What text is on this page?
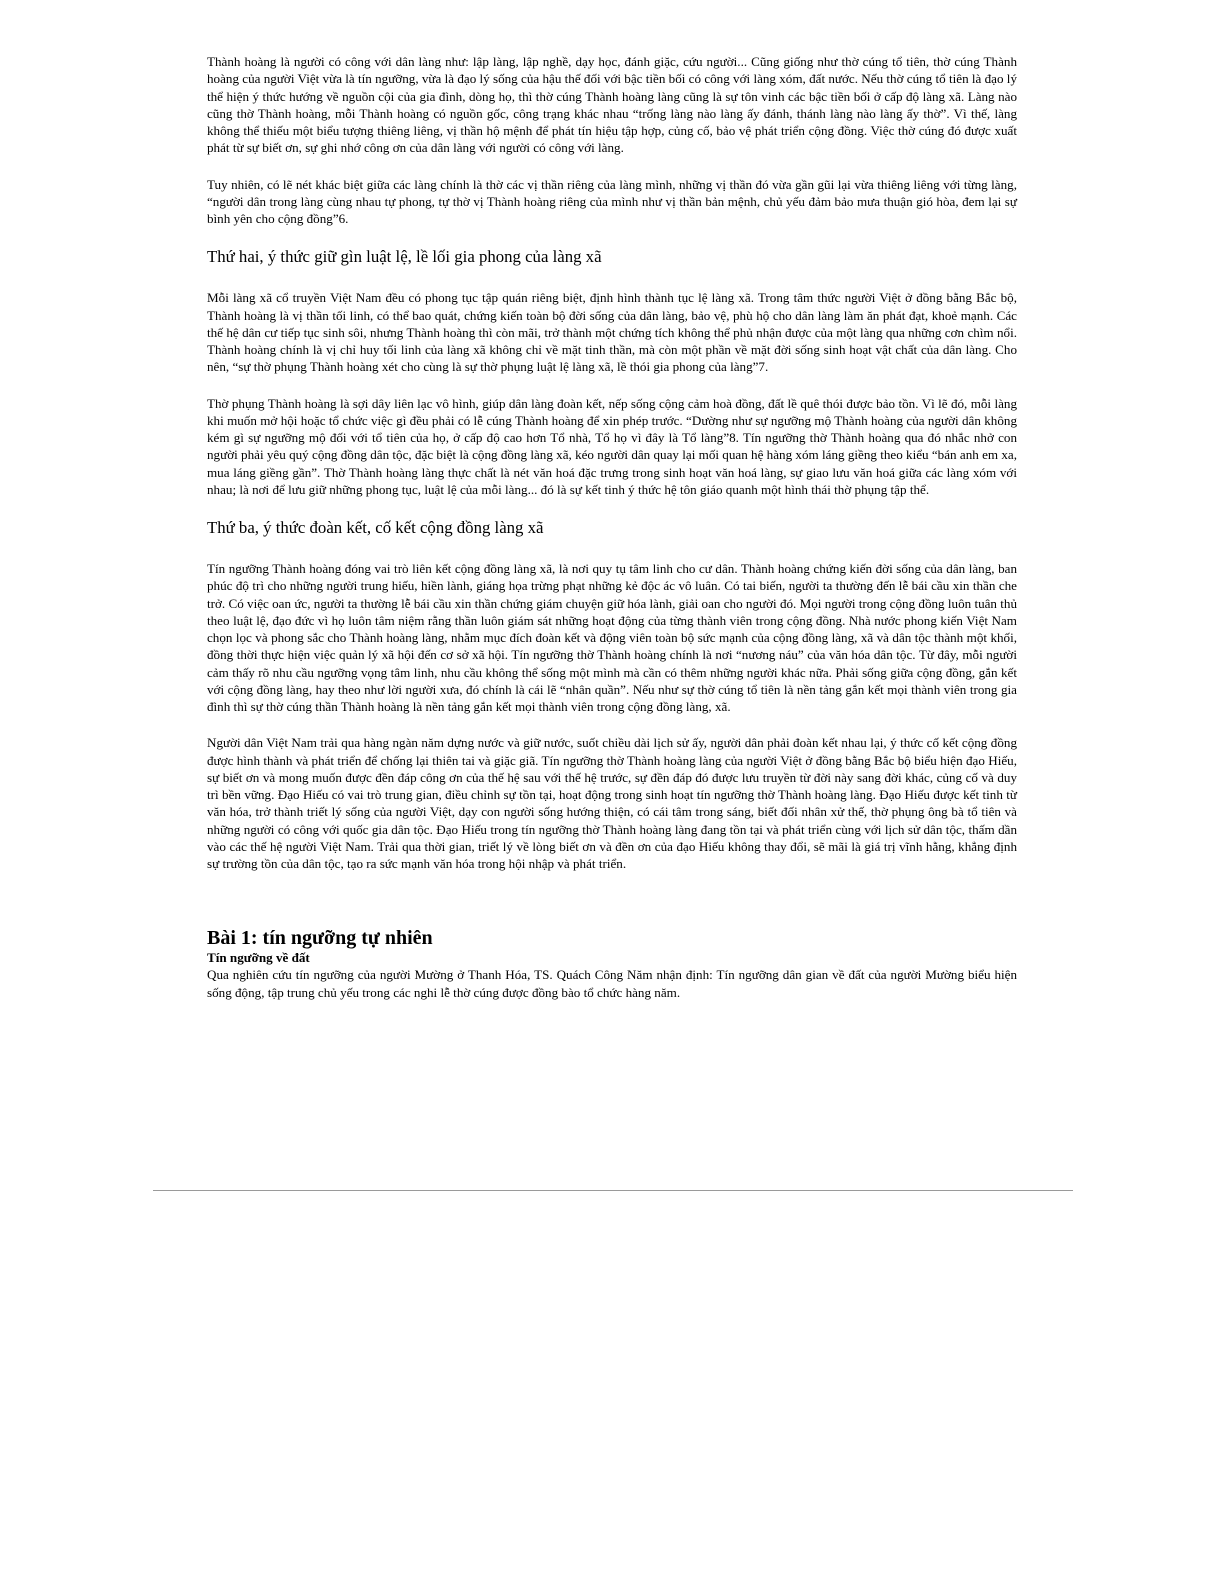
Thành hoàng là người có công với dân làng như: lập làng, lập nghề, dạy học, đánh giặc, cứu người... Cũng giống như thờ cúng tổ tiên, thờ cúng Thành hoàng của người Việt vừa là tín ngưỡng, vừa là đạo lý sống của hậu thế đối với bậc tiền bối có công với làng xóm, đất nước. Nếu thờ cúng tổ tiên là đạo lý thể hiện ý thức hướng về nguồn cội của gia đình, dòng họ, thì thờ cúng Thành hoàng làng cũng là sự tôn vinh các bậc tiền bối ở cấp độ làng xã. Làng nào cũng thờ Thành hoàng, mỗi Thành hoàng có nguồn gốc, công trạng khác nhau “trống làng nào làng ấy đánh, thánh làng nào làng ấy thờ”. Vì thế, làng không thể thiếu một biểu tượng thiêng liêng, vị thần hộ mệnh để phát tín hiệu tập hợp, củng cố, bảo vệ phát triển cộng đồng. Việc thờ cúng đó được xuất phát từ sự biết ơn, sự ghi nhớ công ơn của dân làng với người có công với làng.

Tuy nhiên, có lẽ nét khác biệt giữa các làng chính là thờ các vị thần riêng của làng mình, những vị thần đó vừa gần gũi lại vừa thiêng liêng với từng làng, “người dân trong làng cùng nhau tự phong, tự thờ vị Thành hoàng riêng của mình như vị thần bản mệnh, chủ yếu đảm bảo mưa thuận gió hòa, đem lại sự bình yên cho cộng đồng”6.

Thứ hai, ý thức giữ gìn luật lệ, lề lối gia phong của làng xã

Mỗi làng xã cổ truyền Việt Nam đều có phong tục tập quán riêng biệt, định hình thành tục lệ làng xã. Trong tâm thức người Việt ở đồng bằng Bắc bộ, Thành hoàng là vị thần tối linh, có thể bao quát, chứng kiến toàn bộ đời sống của dân làng, bảo vệ, phù hộ cho dân làng làm ăn phát đạt, khoẻ mạnh. Các thế hệ dân cư tiếp tục sinh sôi, nhưng Thành hoàng thì còn mãi, trở thành một chứng tích không thể phủ nhận được của một làng qua những cơn chìm nổi. Thành hoàng chính là vị chỉ huy tối linh của làng xã không chỉ về mặt tinh thần, mà còn một phần về mặt đời sống sinh hoạt vật chất của dân làng. Cho nên, “sự thờ phụng Thành hoàng xét cho cùng là sự thờ phụng luật lệ làng xã, lề thói gia phong của làng”7.

Thờ phụng Thành hoàng là sợi dây liên lạc vô hình, giúp dân làng đoàn kết, nếp sống cộng cảm hoà đồng, đất lề quê thói được bảo tồn. Vì lẽ đó, mỗi làng khi muốn mở hội hoặc tổ chức việc gì đều phải có lễ cúng Thành hoàng để xin phép trước. “Dường như sự ngưỡng mộ Thành hoàng của người dân không kém gì sự ngưỡng mộ đối với tổ tiên của họ, ở cấp độ cao hơn Tổ nhà, Tổ họ vì đây là Tổ làng”8. Tín ngưỡng thờ Thành hoàng qua đó nhắc nhở con người phải yêu quý cộng đồng dân tộc, đặc biệt là cộng đồng làng xã, kéo người dân quay lại mối quan hệ hàng xóm láng giềng theo kiểu “bán anh em xa, mua láng giềng gần”. Thờ Thành hoàng làng thực chất là nét văn hoá đặc trưng trong sinh hoạt văn hoá làng, sự giao lưu văn hoá giữa các làng xóm với nhau; là nơi để lưu giữ những phong tục, luật lệ của mỗi làng... đó là sự kết tinh ý thức hệ tôn giáo quanh một hình thái thờ phụng tập thể.

Thứ ba, ý thức đoàn kết, cố kết cộng đồng làng xã

Tín ngưỡng Thành hoàng đóng vai trò liên kết cộng đồng làng xã, là nơi quy tụ tâm linh cho cư dân. Thành hoàng chứng kiến đời sống của dân làng, ban phúc độ trì cho những người trung hiếu, hiền lành, giáng họa trừng phạt những kẻ độc ác vô luân. Có tai biến, người ta thường đến lễ bái cầu xin thần che trở. Có việc oan ức, người ta thường lễ bái cầu xin thần chứng giám chuyện giữ hóa lành, giải oan cho người đó. Mọi người trong cộng đồng luôn tuân thủ theo luật lệ, đạo đức vì họ luôn tâm niệm rằng thần luôn giám sát những hoạt động của từng thành viên trong cộng đồng. Nhà nước phong kiến Việt Nam chọn lọc và phong sắc cho Thành hoàng làng, nhằm mục đích đoàn kết và động viên toàn bộ sức mạnh của cộng đồng làng, xã và dân tộc thành một khối, đồng thời thực hiện việc quản lý xã hội đến cơ sở xã hội. Tín ngưỡng thờ Thành hoàng chính là nơi “nương náu” của văn hóa dân tộc. Từ đây, mỗi người cảm thấy rõ nhu cầu ngưỡng vọng tâm linh, nhu cầu không thể sống một mình mà cần có thêm những người khác nữa. Phải sống giữa cộng đồng, gắn kết với cộng đồng làng, hay theo như lời người xưa, đó chính là cái lẽ “nhân quần”. Nếu như sự thờ cúng tổ tiên là nền tảng gắn kết mọi thành viên trong gia đình thì sự thờ cúng thần Thành hoàng là nền tảng gắn kết mọi thành viên trong cộng đồng làng, xã.

Người dân Việt Nam trải qua hàng ngàn năm dựng nước và giữ nước, suốt chiều dài lịch sử ấy, người dân phải đoàn kết nhau lại, ý thức cố kết cộng đồng được hình thành và phát triển để chống lại thiên tai và giặc giã. Tín ngưỡng thờ Thành hoàng làng của người Việt ở đồng bằng Bắc bộ biểu hiện đạo Hiếu, sự biết ơn và mong muốn được đền đáp công ơn của thế hệ sau với thế hệ trước, sự đền đáp đó được lưu truyền từ đời này sang đời khác, củng cố và duy trì bền vững. Đạo Hiếu có vai trò trung gian, điều chỉnh sự tồn tại, hoạt động trong sinh hoạt tín ngưỡng thờ Thành hoàng làng. Đạo Hiếu được kết tinh từ văn hóa, trở thành triết lý sống của người Việt, dạy con người sống hướng thiện, có cái tâm trong sáng, biết đối nhân xử thế, thờ phụng ông bà tổ tiên và những người có công với quốc gia dân tộc. Đạo Hiếu trong tín ngưỡng thờ Thành hoàng làng đang tồn tại và phát triển cùng với lịch sử dân tộc, thấm dần vào các thế hệ người Việt Nam. Trải qua thời gian, triết lý về lòng biết ơn và đền ơn của đạo Hiếu không thay đổi, sẽ mãi là giá trị vĩnh hằng, khẳng định sự trường tồn của dân tộc, tạo ra sức mạnh văn hóa trong hội nhập và phát triển.

Bài 1: tín ngưỡng tự nhiên
Tín ngưỡng về đất

Qua nghiên cứu tín ngưỡng của người Mường ở Thanh Hóa, TS. Quách Công Năm nhận định: Tín ngưỡng dân gian về đất của người Mường biểu hiện sống động, tập trung chủ yếu trong các nghi lễ thờ cúng được đồng bào tổ chức hàng năm.
